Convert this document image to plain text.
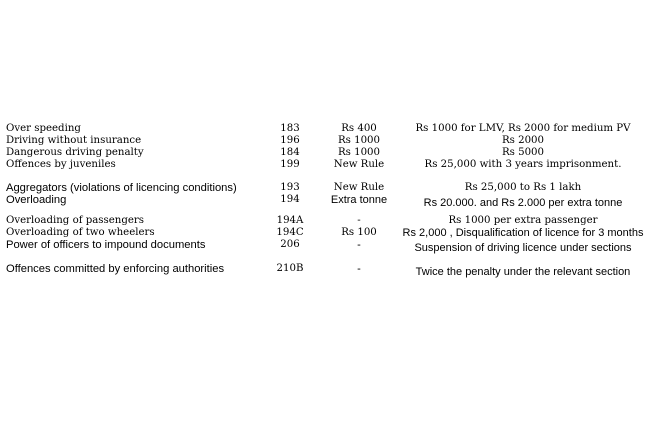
Over speeding	183	Rs 400	Rs 1000 for LMV, Rs 2000 for medium PV
Driving without insurance	196	Rs 1000	Rs 2000
Dangerous driving penalty	184	Rs 1000	Rs 5000
Offences by juveniles	199	New Rule	Rs 25,000 with 3 years imprisonment.
Aggregators (violations of licencing conditions)	193	New Rule	Rs 25,000 to Rs 1 lakh
Overloading	194	Extra tonne	Rs 20.000. and Rs 2.000 per extra tonne
Overloading of passengers	194A	-	Rs 1000 per extra passenger
Overloading of two wheelers	194C	Rs 100	Rs 2,000 , Disqualification of licence for 3 months
Power of officers to impound documents	206	-	Suspension of driving licence under sections
Offences committed by enforcing authorities	210B	-	Twice the penalty under the relevant section
